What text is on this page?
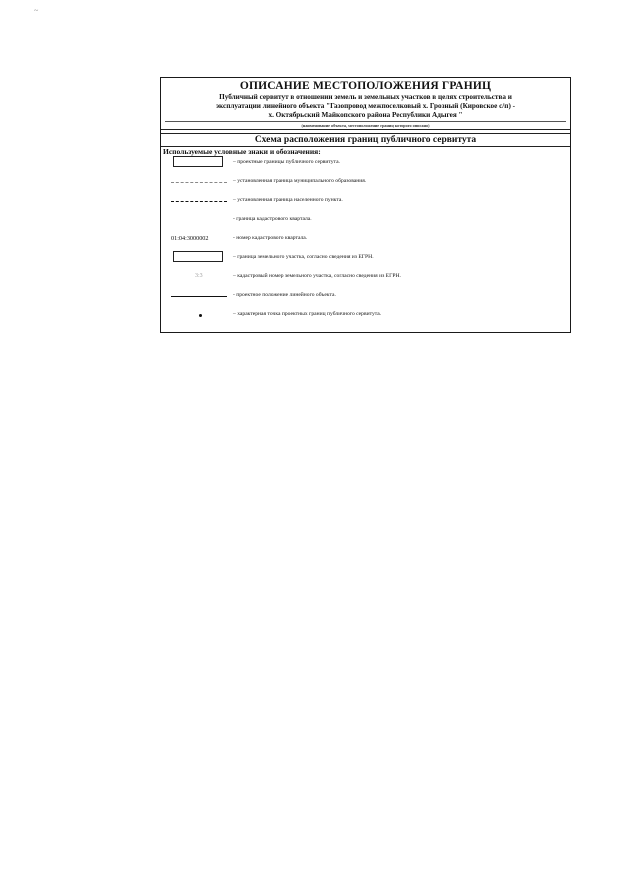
~
ОПИСАНИЕ МЕСТОПОЛОЖЕНИЯ ГРАНИЦ
Публичный сервитут в отношении земель и земельных участков в целях строительства и
эксплуатации линейного объекта "Газопровод межпоселковый х. Грозный (Кировское с/п) -
х. Октябрьский Майкопского района Республики Адыгея "
(наименование объекта, местоположение границ которого описано)
Схема расположения границ публичного сервитута
Используемые условные знаки и обозначения:
– проектные границы публичного сервитута.
– установленная граница муниципального образования.
– установленная граница населенного пункта.
- граница кадастрового квартала.
01:04:3000002	- номер кадастрового квартала.
– граница земельного участка, согласно сведения из ЕГРН.
3:3	– кадастровый номер земельного участка, согласно сведения из ЕГРН.
- проектное положение линейного объекта.
– характерная точка проектных границ публичного сервитута.
